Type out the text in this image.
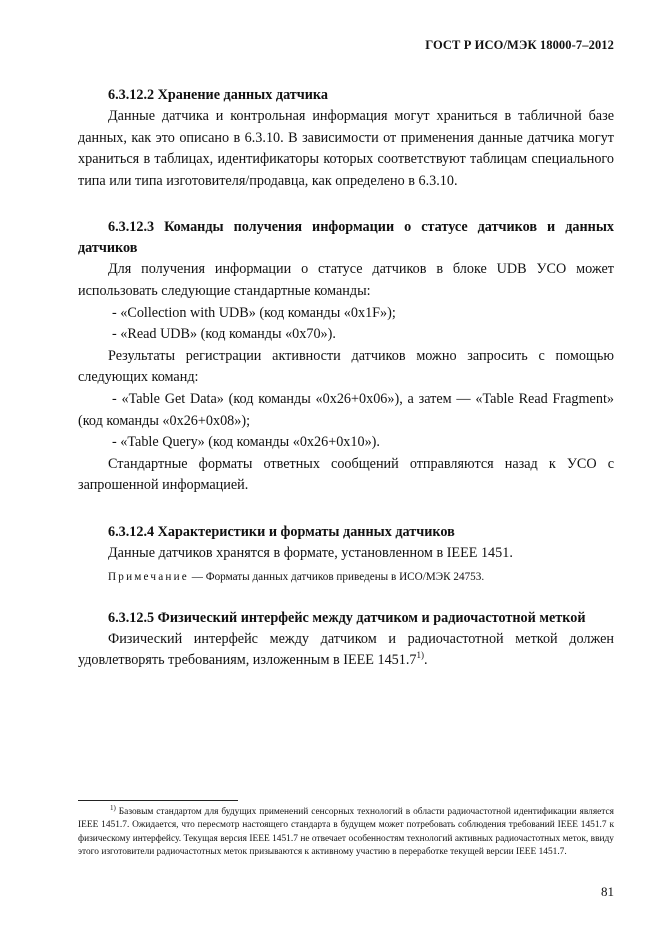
ГОСТ Р ИСО/МЭК 18000-7–2012

6.3.12.2 Хранение данных датчика

Данные датчика и контрольная информация могут храниться в табличной базе данных, как это описано в 6.3.10. В зависимости от применения данные датчика могут храниться в таблицах, идентификаторы которых соответствуют таблицам специального типа или типа изготовителя/продавца, как определено в 6.3.10.

6.3.12.3 Команды получения информации о статусе датчиков и данных датчиков

Для получения информации о статусе датчиков в блоке UDB УСО может использовать следующие стандартные команды:

- «Collection with UDB» (код команды «0x1F»);

- «Read UDB» (код команды «0x70»).

Результаты регистрации активности датчиков можно запросить с помощью следующих команд:

- «Table Get Data» (код команды «0x26+0x06»), а затем — «Table Read Fragment» (код команды «0x26+0x08»);

- «Table Query» (код команды «0x26+0x10»).

Стандартные форматы ответных сообщений отправляются назад к УСО с запрошенной информацией.

6.3.12.4 Характеристики и форматы данных датчиков

Данные датчиков хранятся в формате, установленном в IEEE 1451.

Примечание — Форматы данных датчиков приведены в ИСО/МЭК 24753.

6.3.12.5 Физический интерфейс между датчиком и радиочастотной меткой

Физический интерфейс между датчиком и радиочастотной меткой должен удовлетворять требованиям, изложенным в IEEE 1451.7$^{1)}$.

$^{1)}$ Базовым стандартом для будущих применений сенсорных технологий в области радиочастотной идентификации является IEEE 1451.7. Ожидается, что пересмотр настоящего стандарта в будущем может потребовать соблюдения требований IEEE 1451.7 к физическому интерфейсу. Текущая версия IEEE 1451.7 не отвечает особенностям технологий активных радиочастотных меток, ввиду этого изготовители радиочастотных меток призываются к активному участию в переработке текущей версии IEEE 1451.7.
81
